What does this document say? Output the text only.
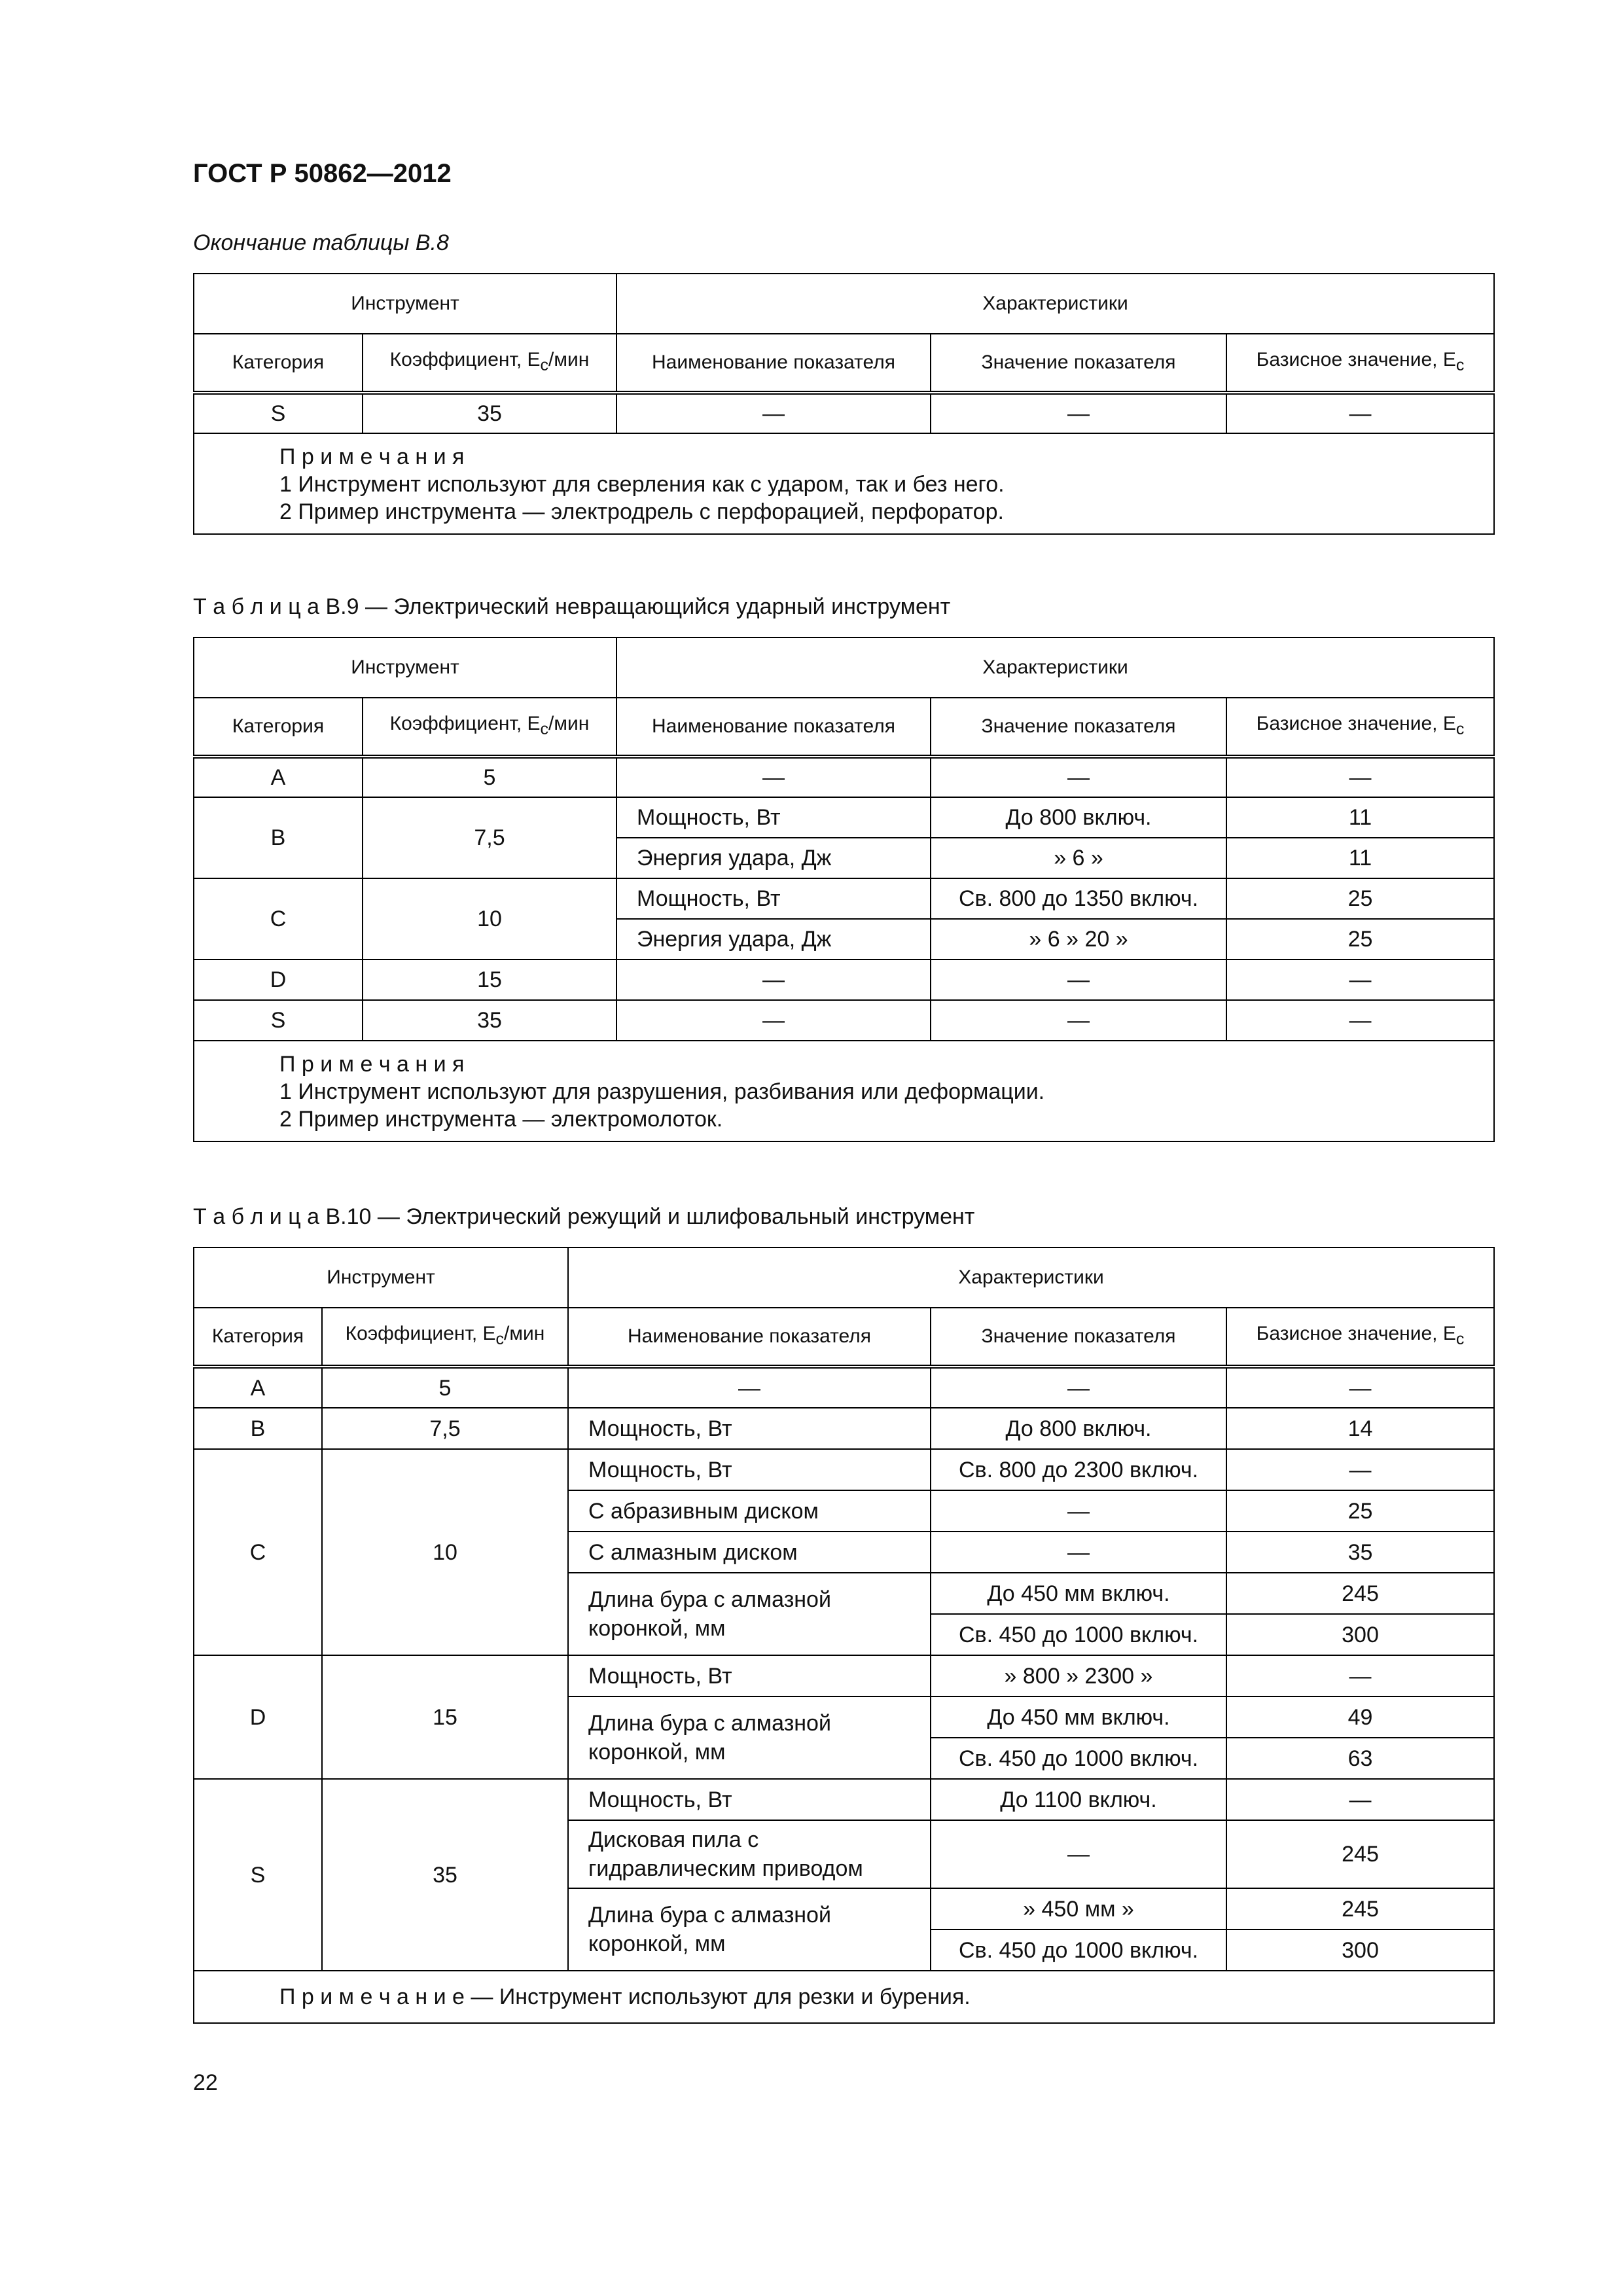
ГОСТ Р 50862—2012
Окончание таблицы В.8
Инструмент		Характеристики		
Категория	Коэффициент, $E_c$/мин	Наименование показателя	Значение показателя	Базисное значение, $E_c$
S	35	—	—	—

П р и м е ч а н и я
1 Инструмент используют для сверления как с ударом, так и без него.
2 Пример инструмента — электродрель с перфорацией, перфоратор.				
Т а б л и ц а В.9 — Электрический невращающийся ударный инструмент
Инструмент		Характеристики		
Категория	Коэффициент, $E_c$/мин	Наименование показателя	Значение показателя	Базисное значение, $E_c$
A	5	—	—	—
B	7,5	Мощность, Вт	До 800 включ.	11
		Энергия удара, Дж	» 6 »	11
C	10	Мощность, Вт	Св. 800 до 1350 включ.	25
		Энергия удара, Дж	» 6 » 20 »	25
D	15	—	—	—
S	35	—	—	—

П р и м е ч а н и я
1 Инструмент используют для разрушения, разбивания или деформации.
2 Пример инструмента — электромолоток.				
Т а б л и ц а В.10 — Электрический режущий и шлифовальный инструмент
Инструмент		Характеристики		
Категория	Коэффициент, $E_c$/мин	Наименование показателя	Значение показателя	Базисное значение, $E_c$
A	5	—	—	—
B	7,5	Мощность, Вт	До 800 включ.	14
C	10	Мощность, Вт	Св. 800 до 2300 включ.	—
		С абразивным диском	—	25
		С алмазным диском	—	35
		Длина бура с алмазной коронкой, мм	До 450 мм включ.	245
			Св. 450 до 1000 включ.	300
D	15	Мощность, Вт	» 800 » 2300 »	—
		Длина бура с алмазной коронкой, мм	До 450 мм включ.	49
			Св. 450 до 1000 включ.	63
S	35	Мощность, Вт	До 1100 включ.	—
		Дисковая пила с гидравлическим приводом	—	245
		Длина бура с алмазной коронкой, мм	» 450 мм »	245
			Св. 450 до 1000 включ.	300
П р и м е ч а н и е — Инструмент используют для резки и бурения.				
22
